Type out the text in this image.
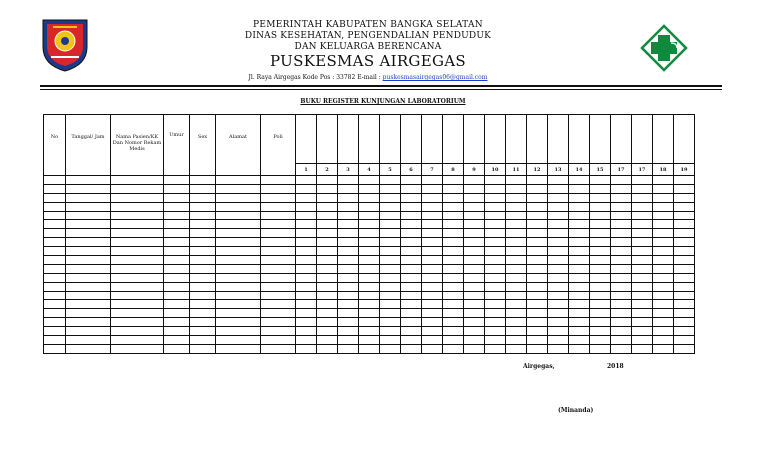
PEMERINTAH KABUPATEN BANGKA SELATAN
DINAS KESEHATAN, PENGENDALIAN PENDUDUK
DAN KELUARGA BERENCANA
PUSKESMAS AIRGEGAS
Jl. Raya Airgegas Kode Pos : 33782 E-mail : puskesmasairgegas06@gmail.com
BUKU REGISTER KUNJUNGAN LABORATORIUM
No	Tanggal/ Jam	Nama Pasien/KK Dan Nomor Rekam Medis	Umur	Sex	Alamat	Poli																			
							1	2	3	4	5	6	7	8	9	10	11	12	13	14	15	17	17	18	19

Airgegas,	2018
(Minanda)
